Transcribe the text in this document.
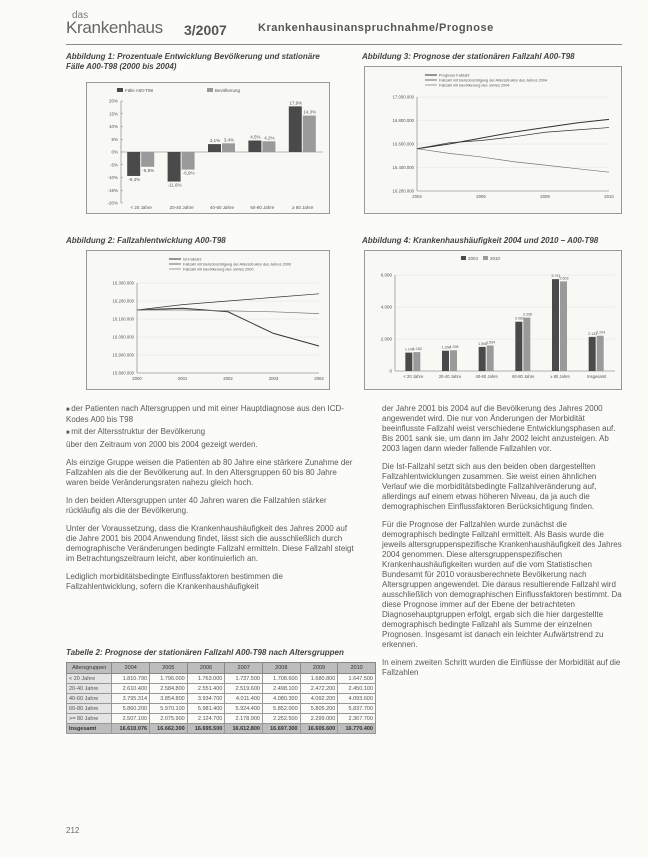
das
Krankenhaus 3/2007	Krankenhausinanspruchnahme/Prognose
Abbildung 1: Prozentuale Entwicklung Bevölkerung und stationäre Fälle A00-T98 (2000 bis 2004)
Fälle A00-T98	Bevölkerung
20%
15%
10%
5%
0%
-5%
-10%
-15%
-20%
-9,4%
-5,8%
< 20 Jahre
-11,6%
-6,9%
20-40 Jahre
3,1% 3,4%
40-60 Jahre
4,5% 4,2%
60-80 Jahre
17,9%
14,3%
≥ 80 Jahre
Abbildung 2: Fallzahlentwicklung A00-T98
Ist-Fallzahl
Fallzahl mit Berücksichtigung der Altersstruktur des Jahres 2000
Fallzahl mit Bevölkerung des Jahres 2000
16.300.000
16.200.000
16.100.000
16.000.000
15.900.000
15.800.000
2000	2001	2002	2003	2004
Abbildung 3: Prognose der stationären Fallzahl A00-T98
Prognose Fallzahl
Fallzahl mit Berücksichtigung der Altersstruktur des Jahres 2004
Fallzahl mit Bevölkerung des Jahres 2004
17.000.000
16.800.000
16.600.000
16.400.000
16.200.000
2004	2006	2008	2010
Abbildung 4: Krankenhaushäufigkeit 2004 und 2010 – A00-T98
2004	2010
6.000
4.000
2.000
0
1.149 1.182
< 20 Jahre
1.268 1.298
20-40 Jahre
1.508 1.594
40-60 Jahre
3.082
3.338
60-80 Jahre
5.741
5.603
≥ 80 Jahre
2.133 2.204
Insgesamt

■ der Patienten nach Altersgruppen und mit einer Hauptdiagnose aus den ICD-Kodes A00 bis T98

■ mit der Altersstruktur der Bevölkerung

über den Zeitraum von 2000 bis 2004 gezeigt werden.

Als einzige Gruppe weisen die Patienten ab 80 Jahre eine stärkere Zunahme der Fallzahlen als die der Bevölkerung auf. In den Altersgruppen 60 bis 80 Jahre waren beide Veränderungsraten nahezu gleich hoch.

In den beiden Altersgruppen unter 40 Jahren waren die Fallzahlen stärker rückläufig als die der Bevölkerung.

Unter der Voraussetzung, dass die Krankenhaushäufigkeit des Jahres 2000 auf die Jahre 2001 bis 2004 Anwendung findet, lässt sich die ausschließlich durch demographische Veränderungen bedingte Fallzahl ermitteln. Diese Fallzahl steigt im Betrachtungszeitraum leicht, aber kontinuierlich an.

Lediglich morbiditätsbedingte Einflussfaktoren bestimmen die Fallzahlentwicklung, sofern die Krankenhaushäufigkeit

der Jahre 2001 bis 2004 auf die Bevölkerung des Jahres 2000 angewendet wird. Die nur von Änderungen der Morbidität beeinflusste Fallzahl weist verschiedene Entwicklungsphasen auf. Bis 2001 sank sie, um dann im Jahr 2002 leicht anzusteigen. Ab 2003 lagen dann wieder fallende Fallzahlen vor.

Die Ist-Fallzahl setzt sich aus den beiden oben dargestellten Fallzahlentwicklungen zusammen. Sie weist einen ähnlichen Verlauf wie die morbiditätsbedingte Fallzahlveränderung auf, allerdings auf einem etwas höheren Niveau, da ja auch die demographischen Einflussfaktoren Berücksichtigung finden.

Für die Prognose der Fallzahlen wurde zunächst die demographisch bedingte Fallzahl ermittelt. Als Basis wurde die jeweils altersgruppenspezifische Krankenhaushäufigkeit des Jahres 2004 genommen. Diese altersgruppenspezifischen Krankenhaushäufigkeiten wurden auf die vom Statistischen Bundesamt für 2010 vorausberechnete Bevölkerung nach Altersgruppen angewendet. Die daraus resultierende Fallzahl wird ausschließlich von demographischen Einflussfaktoren bestimmt. Da diese Prognose immer auf der Ebene der betrachteten Diagnosehauptgruppen erfolgt, ergab sich die hier dargestellte demographisch bedingte Fallzahl als Summe der einzelnen Prognosen. Insgesamt ist danach ein leichter Aufwärtstrend zu erkennen.

In einem zweiten Schritt wurden die Einflüsse der Morbidität auf die Fallzahlen

Tabelle 2: Prognose der stationären Fallzahl A00-T98 nach Altersgruppen
Altersgruppen	2004	2005	2006	2007	2008	2009	2010
< 20 Jahre	1.810.790	1.796.000	1.763.000	1.737.500	1.708.600	1.680.800	1.647.500
20-40 Jahre	2.610.400	2.584.800	2.551.400	2.519.600	2.498.100	2.472.200	2.450.100
40-60 Jahre	3.795.314	3.854.800	3.934.700	4.011.400	4.080.300	4.092.200	4.093.600
60-80 Jahre	5.860.200	5.970.100	5.981.400	5.924.400	5.852.000	5.805.200	5.837.700
>= 80 Jahre	2.507.100	2.075.900	2.124.700	2.178.900	2.252.500	2.299.000	2.367.700
Insgesamt	16.610.076	16.662.300	16.695.500	16.612.800	16.697.300	16.605.600	16.770.400
212
